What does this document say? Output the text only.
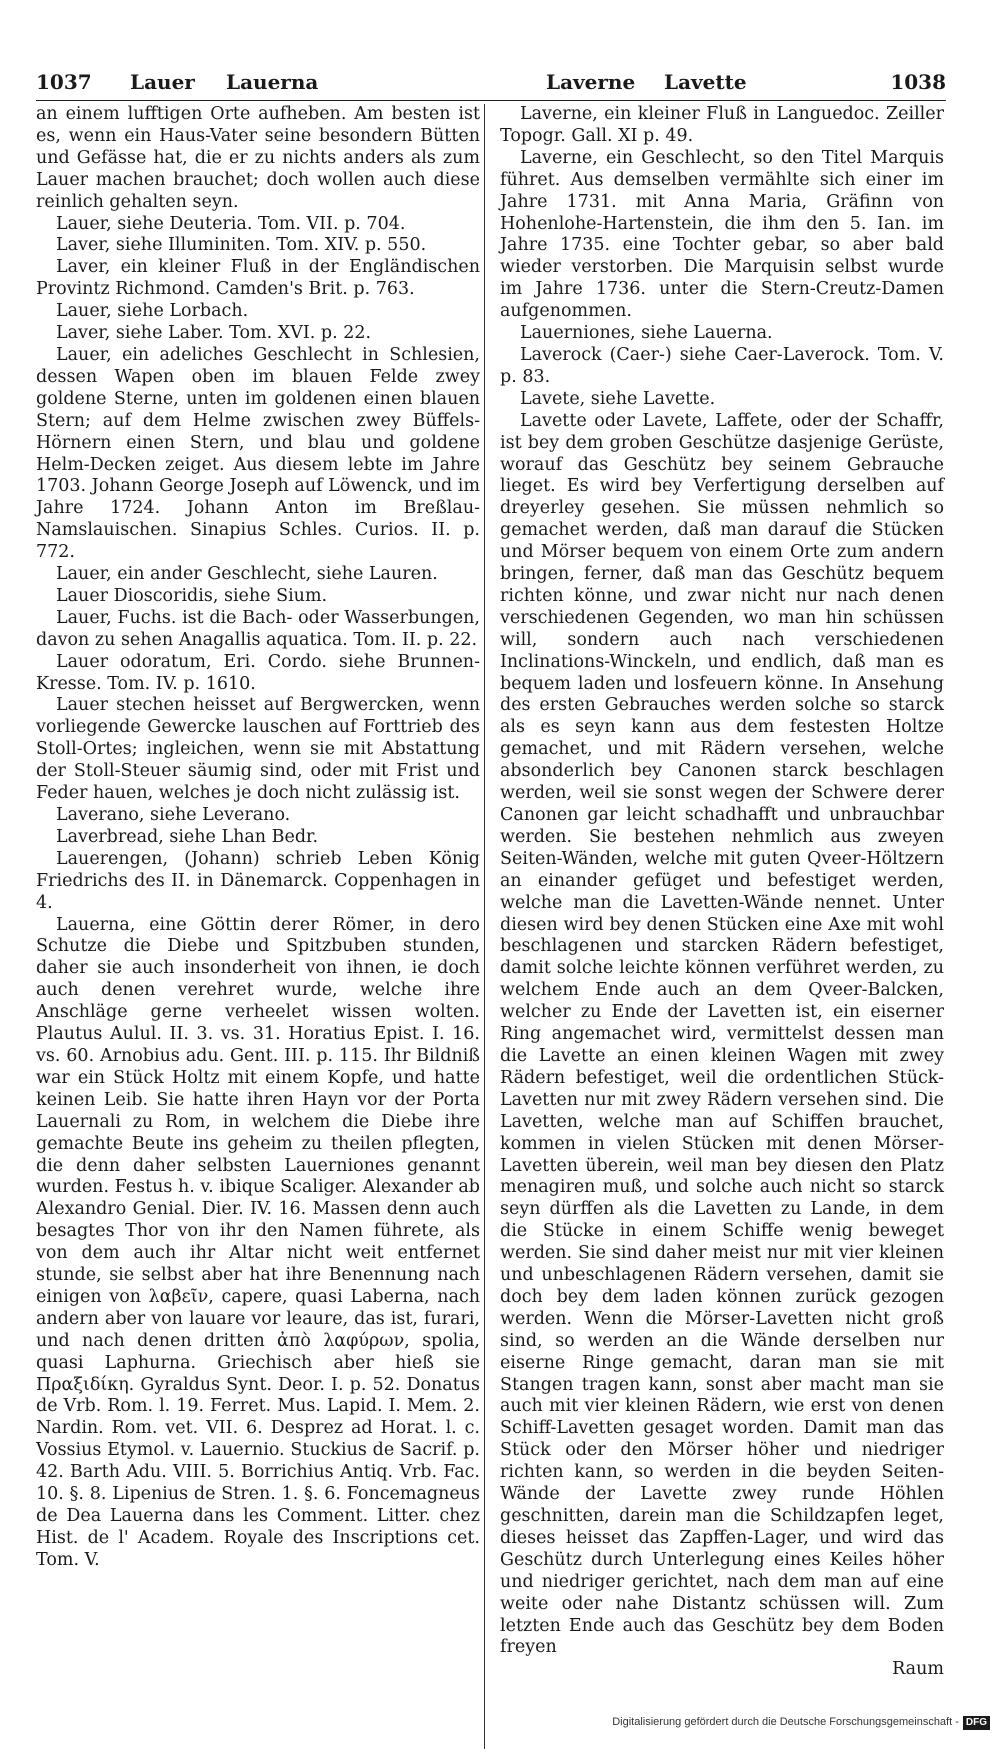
1037 Lauer Lauerna	Laverne Lavette	1038

an einem lufftigen Orte aufheben. Am besten ist es, wenn ein Haus-Vater seine besondern Bütten und Gefässe hat, die er zu nichts anders als zum Lauer machen brauchet; doch wollen auch diese reinlich gehalten seyn.

Lauer, siehe Deuteria. Tom. VII. p. 704.

Laver, siehe Illuminiten. Tom. XIV. p. 550.

Laver, ein kleiner Fluß in der Engländischen Provintz Richmond. Camden's Brit. p. 763.

Lauer, siehe Lorbach.

Laver, siehe Laber. Tom. XVI. p. 22.

Lauer, ein adeliches Geschlecht in Schlesien, dessen Wapen oben im blauen Felde zwey goldene Sterne, unten im goldenen einen blauen Stern; auf dem Helme zwischen zwey Büffels-Hörnern einen Stern, und blau und goldene Helm-Decken zeiget. Aus diesem lebte im Jahre 1703. Johann George Joseph auf Löwenck, und im Jahre 1724. Johann Anton im Breßlau-Namslauischen. Sinapius Schles. Curios. II. p. 772.

Lauer, ein ander Geschlecht, siehe Lauren.

Lauer Dioscoridis, siehe Sium.

Lauer, Fuchs. ist die Bach- oder Wasserbungen, davon zu sehen Anagallis aquatica. Tom. II. p. 22.

Lauer odoratum, Eri. Cordo. siehe Brunnen-Kresse. Tom. IV. p. 1610.

Lauer stechen heisset auf Bergwercken, wenn vorliegende Gewercke lauschen auf Forttrieb des Stoll-Ortes; ingleichen, wenn sie mit Abstattung der Stoll-Steuer säumig sind, oder mit Frist und Feder hauen, welches je doch nicht zulässig ist.

Laverano, siehe Leverano.

Laverbread, siehe Lhan Bedr.

Lauerengen, (Johann) schrieb Leben König Friedrichs des II. in Dänemarck. Coppenhagen in 4.

Lauerna, eine Göttin derer Römer, in dero Schutze die Diebe und Spitzbuben stunden, daher sie auch insonderheit von ihnen, ie doch auch denen verehret wurde, welche ihre Anschläge gerne verheelet wissen wolten. Plautus Aulul. II. 3. vs. 31. Horatius Epist. I. 16. vs. 60. Arnobius adu. Gent. III. p. 115. Ihr Bildniß war ein Stück Holtz mit einem Kopfe, und hatte keinen Leib. Sie hatte ihren Hayn vor der Porta Lauernali zu Rom, in welchem die Diebe ihre gemachte Beute ins geheim zu theilen pflegten, die denn daher selbsten Lauerniones genannt wurden. Festus h. v. ibique Scaliger. Alexander ab Alexandro Genial. Dier. IV. 16. Massen denn auch besagtes Thor von ihr den Namen führete, als von dem auch ihr Altar nicht weit entfernet stunde, sie selbst aber hat ihre Benennung nach einigen von λαβεῖν, capere, quasi Laberna, nach andern aber von lauare vor leaure, das ist, furari, und nach denen dritten ἀπὸ λαφύρων, spolia, quasi Laphurna. Griechisch aber hieß sie Πραξιδίκη. Gyraldus Synt. Deor. I. p. 52. Donatus de Vrb. Rom. l. 19. Ferret. Mus. Lapid. I. Mem. 2. Nardin. Rom. vet. VII. 6. Desprez ad Horat. l. c. Vossius Etymol. v. Lauernio. Stuckius de Sacrif. p. 42. Barth Adu. VIII. 5. Borrichius Antiq. Vrb. Fac. 10. §. 8. Lipenius de Stren. 1. §. 6. Foncemagneus de Dea Lauerna dans les Comment. Litter. chez Hist. de l' Academ. Royale des Inscriptions cet. Tom. V.

Laverne, ein kleiner Fluß in Languedoc. Zeiller Topogr. Gall. XI p. 49.

Laverne, ein Geschlecht, so den Titel Marquis führet. Aus demselben vermählte sich einer im Jahre 1731. mit Anna Maria, Gräfinn von Hohenlohe-Hartenstein, die ihm den 5. Ian. im Jahre 1735. eine Tochter gebar, so aber bald wieder verstorben. Die Marquisin selbst wurde im Jahre 1736. unter die Stern-Creutz-Damen aufgenommen.

Lauerniones, siehe Lauerna.

Laverock (Caer-) siehe Caer-Laverock. Tom. V. p. 83.

Lavete, siehe Lavette.

Lavette oder Lavete, Laffete, oder der Schaffr, ist bey dem groben Geschütze dasjenige Gerüste, worauf das Geschütz bey seinem Gebrauche lieget. Es wird bey Verfertigung derselben auf dreyerley gesehen. Sie müssen nehmlich so gemachet werden, daß man darauf die Stücken und Mörser bequem von einem Orte zum andern bringen, ferner, daß man das Geschütz bequem richten könne, und zwar nicht nur nach denen verschiedenen Gegenden, wo man hin schüssen will, sondern auch nach verschiedenen Inclinations-Winckeln, und endlich, daß man es bequem laden und losfeuern könne. In Ansehung des ersten Gebrauches werden solche so starck als es seyn kann aus dem festesten Holtze gemachet, und mit Rädern versehen, welche absonderlich bey Canonen starck beschlagen werden, weil sie sonst wegen der Schwere derer Canonen gar leicht schadhafft und unbrauchbar werden. Sie bestehen nehmlich aus zweyen Seiten-Wänden, welche mit guten Qveer-Höltzern an einander gefüget und befestiget werden, welche man die Lavetten-Wände nennet. Unter diesen wird bey denen Stücken eine Axe mit wohl beschlagenen und starcken Rädern befestiget, damit solche leichte können verführet werden, zu welchem Ende auch an dem Qveer-Balcken, welcher zu Ende der Lavetten ist, ein eiserner Ring angemachet wird, vermittelst dessen man die Lavette an einen kleinen Wagen mit zwey Rädern befestiget, weil die ordentlichen Stück-Lavetten nur mit zwey Rädern versehen sind. Die Lavetten, welche man auf Schiffen brauchet, kommen in vielen Stücken mit denen Mörser-Lavetten überein, weil man bey diesen den Platz menagiren muß, und solche auch nicht so starck seyn dürffen als die Lavetten zu Lande, in dem die Stücke in einem Schiffe wenig beweget werden. Sie sind daher meist nur mit vier kleinen und unbeschlagenen Rädern versehen, damit sie doch bey dem laden können zurück gezogen werden. Wenn die Mörser-Lavetten nicht groß sind, so werden an die Wände derselben nur eiserne Ringe gemacht, daran man sie mit Stangen tragen kann, sonst aber macht man sie auch mit vier kleinen Rädern, wie erst von denen Schiff-Lavetten gesaget worden. Damit man das Stück oder den Mörser höher und niedriger richten kann, so werden in die beyden Seiten-Wände der Lavette zwey runde Höhlen geschnitten, darein man die Schildzapfen leget, dieses heisset das Zapffen-Lager, und wird das Geschütz durch Unterlegung eines Keiles höher und niedriger gerichtet, nach dem man auf eine weite oder nahe Distantz schüssen will. Zum letzten Ende auch das Geschütz bey dem Boden freyen

Raum

Digitalisierung gefördert durch die Deutsche Forschungsgemeinschaft - DFG
